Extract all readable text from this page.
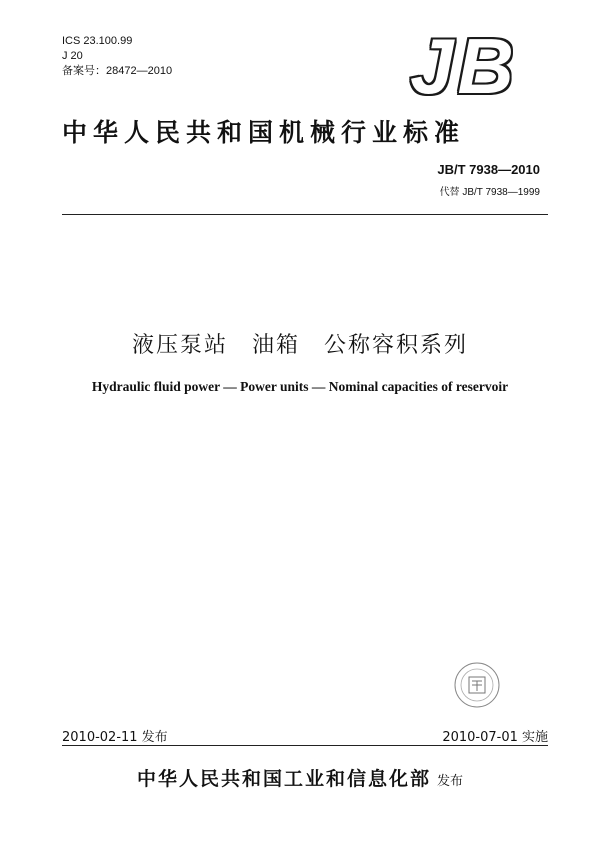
ICS 23.100.99
J 20
备案号：28472—2010	JB
中华人民共和国机械行业标准
JB/T 7938—2010
代替 JB/T 7938—1999
液压泵站　油箱　公称容积系列
Hydraulic fluid power — Power units — Nominal capacities of reservoir
2010-02-11 发布	2010-07-01 实施
中华人民共和国工业和信息化部 发布
